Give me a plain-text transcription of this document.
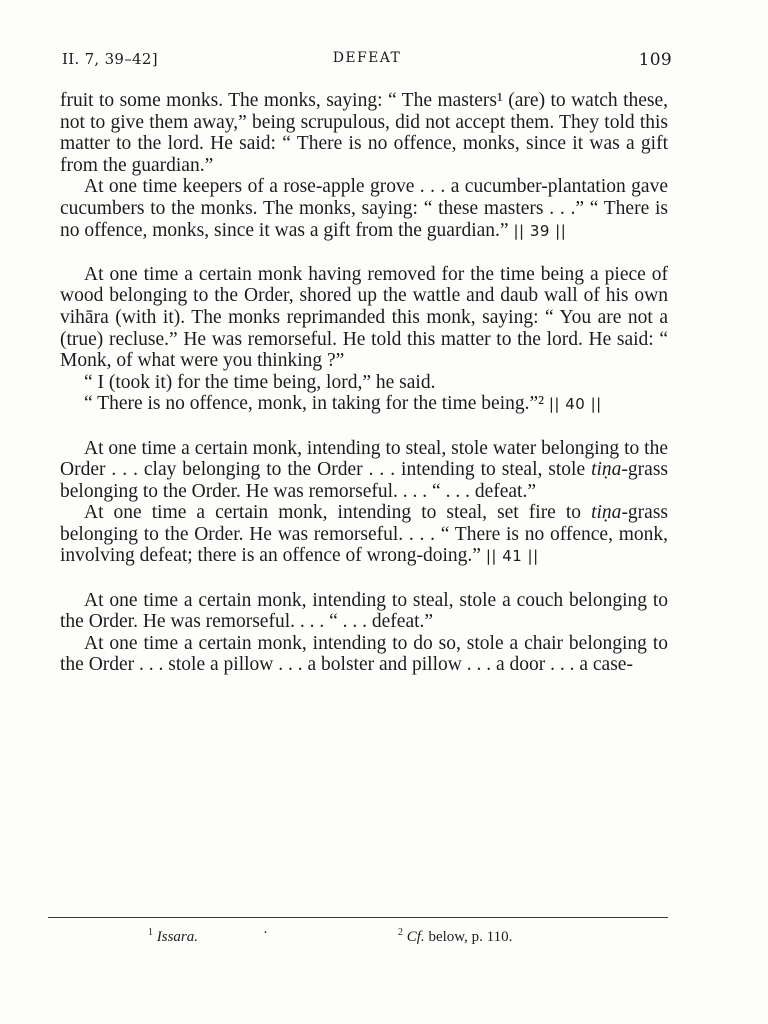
II. 7, 39–42]	DEFEAT	109

fruit to some monks. The monks, saying: “ The masters¹ (are) to watch these, not to give them away,” being scrupulous, did not accept them. They told this matter to the lord. He said: “ There is no offence, monks, since it was a gift from the guardian.”

At one time keepers of a rose-apple grove . . . a cucumber-plantation gave cucumbers to the monks. The monks, saying: “ these masters . . .” “ There is no offence, monks, since it was a gift from the guardian.” || 39 ||

At one time a certain monk having removed for the time being a piece of wood belonging to the Order, shored up the wattle and daub wall of his own vihāra (with it). The monks reprimanded this monk, saying: “ You are not a (true) recluse.” He was remorseful. He told this matter to the lord. He said: “ Monk, of what were you thinking ?”

“ I (took it) for the time being, lord,” he said.

“ There is no offence, monk, in taking for the time being.”² || 40 ||

At one time a certain monk, intending to steal, stole water belonging to the Order . . . clay belonging to the Order . . . intending to steal, stole tiṇa-grass belonging to the Order. He was remorseful. . . . “ . . . defeat.”

At one time a certain monk, intending to steal, set fire to tiṇa-grass belonging to the Order. He was remorseful. . . . “ There is no offence, monk, involving defeat; there is an offence of wrong-doing.” || 41 ||

At one time a certain monk, intending to steal, stole a couch belonging to the Order. He was remorseful. . . . “ . . . defeat.”

At one time a certain monk, intending to do so, stole a chair belonging to the Order . . . stole a pillow . . . a bolster and pillow . . . a door . . . a case-

$^1$ Issara.	·	$^2$ Cf. below, p. 110.
